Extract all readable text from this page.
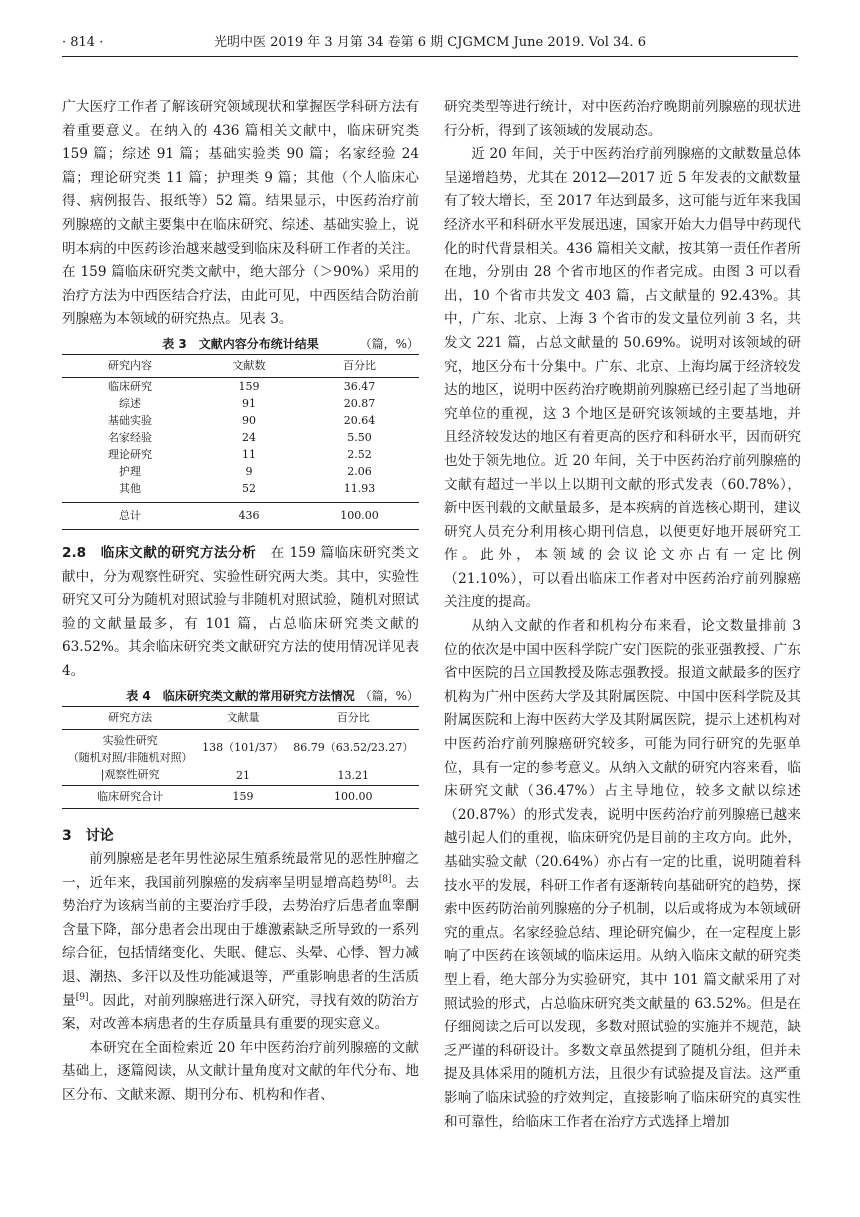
· 814 ·	光明中医 2019 年 3 月第 34 卷第 6 期 CJGMCM June 2019. Vol 34. 6

广大医疗工作者了解该研究领域现状和掌握医学科研方法有着重要意义。在纳入的 436 篇相关文献中，临床研究类 159 篇；综述 91 篇；基础实验类 90 篇；名家经验 24 篇；理论研究类 11 篇；护理类 9 篇；其他（个人临床心得、病例报告、报纸等）52 篇。结果显示，中医药治疗前列腺癌的文献主要集中在临床研究、综述、基础实验上，说明本病的中医药诊治越来越受到临床及科研工作者的关注。在 159 篇临床研究类文献中，绝大部分（＞90%）采用的治疗方法为中西医结合疗法，由此可见，中西医结合防治前列腺癌为本领域的研究热点。见表 3。

表 3　文献内容分布统计结果	（篇，%）
研究内容	文献数	百分比
临床研究	159	36.47
综述	91	20.87
基础实验	90	20.64
名家经验	24	5.50
理论研究	11	2.52
护理	9	2.06
其他	52	11.93
总计	436	100.00

2.8　临床文献的研究方法分析　在 159 篇临床研究类文献中，分为观察性研究、实验性研究两大类。其中，实验性研究又可分为随机对照试验与非随机对照试验，随机对照试验的文献量最多，有 101 篇，占总临床研究类文献的 63.52%。其余临床研究类文献研究方法的使用情况详见表 4。

表 4　临床研究类文献的常用研究方法情况 （篇，%）
研究方法	文献量	百分比

实验性研究
（随机对照/非随机对照）	138（101/37）	86.79（63.52/23.27）
|观察性研究	21	13.21
临床研究合计	159	100.00
3　讨论

前列腺癌是老年男性泌尿生殖系统最常见的恶性肿瘤之一，近年来，我国前列腺癌的发病率呈明显增高趋势[8]。去势治疗为该病当前的主要治疗手段，去势治疗后患者血睾酮含量下降，部分患者会出现由于雄激素缺乏所导致的一系列综合征，包括情绪变化、失眠、健忘、头晕、心悸、智力减退、潮热、多汗以及性功能减退等，严重影响患者的生活质量[9]。因此，对前列腺癌进行深入研究，寻找有效的防治方案，对改善本病患者的生存质量具有重要的现实意义。

本研究在全面检索近 20 年中医药治疗前列腺癌的文献基础上，逐篇阅读，从文献计量角度对文献的年代分布、地区分布、文献来源、期刊分布、机构和作者、

研究类型等进行统计，对中医药治疗晚期前列腺癌的现状进行分析，得到了该领域的发展动态。

近 20 年间，关于中医药治疗前列腺癌的文献数量总体呈递增趋势，尤其在 2012—2017 近 5 年发表的文献数量有了较大增长，至 2017 年达到最多，这可能与近年来我国经济水平和科研水平发展迅速，国家开始大力倡导中药现代化的时代背景相关。436 篇相关文献，按其第一责任作者所在地，分别由 28 个省市地区的作者完成。由图 3 可以看出，10 个省市共发文 403 篇，占文献量的 92.43%。其中，广东、北京、上海 3 个省市的发文量位列前 3 名，共发文 221 篇，占总文献量的 50.69%。说明对该领域的研究，地区分布十分集中。广东、北京、上海均属于经济较发达的地区，说明中医药治疗晚期前列腺癌已经引起了当地研究单位的重视，这 3 个地区是研究该领域的主要基地，并且经济较发达的地区有着更高的医疗和科研水平，因而研究也处于领先地位。近 20 年间，关于中医药治疗前列腺癌的文献有超过一半以上以期刊文献的形式发表（60.78%），新中医刊载的文献量最多，是本疾病的首选核心期刊，建议研究人员充分利用核心期刊信息，以便更好地开展研究工作。此外，本领域的会议论文亦占有一定比例（21.10%），可以看出临床工作者对中医药治疗前列腺癌关注度的提高。

从纳入文献的作者和机构分布来看，论文数量排前 3 位的依次是中国中医科学院广安门医院的张亚强教授、广东省中医院的吕立国教授及陈志强教授。报道文献最多的医疗机构为广州中医药大学及其附属医院、中国中医科学院及其附属医院和上海中医药大学及其附属医院，提示上述机构对中医药治疗前列腺癌研究较多，可能为同行研究的先驱单位，具有一定的参考意义。从纳入文献的研究内容来看，临床研究文献（36.47%）占主导地位，较多文献以综述（20.87%）的形式发表，说明中医药治疗前列腺癌已越来越引起人们的重视，临床研究仍是目前的主攻方向。此外，基础实验文献（20.64%）亦占有一定的比重，说明随着科技水平的发展，科研工作者有逐渐转向基础研究的趋势，探索中医药防治前列腺癌的分子机制，以后或将成为本领域研究的重点。名家经验总结、理论研究偏少，在一定程度上影响了中医药在该领域的临床运用。从纳入临床文献的研究类型上看，绝大部分为实验研究，其中 101 篇文献采用了对照试验的形式，占总临床研究类文献量的 63.52%。但是在仔细阅读之后可以发现，多数对照试验的实施并不规范，缺乏严谨的科研设计。多数文章虽然提到了随机分组，但并未提及具体采用的随机方法，且很少有试验提及盲法。这严重影响了临床试验的疗效判定，直接影响了临床研究的真实性和可靠性，给临床工作者在治疗方式选择上增加
